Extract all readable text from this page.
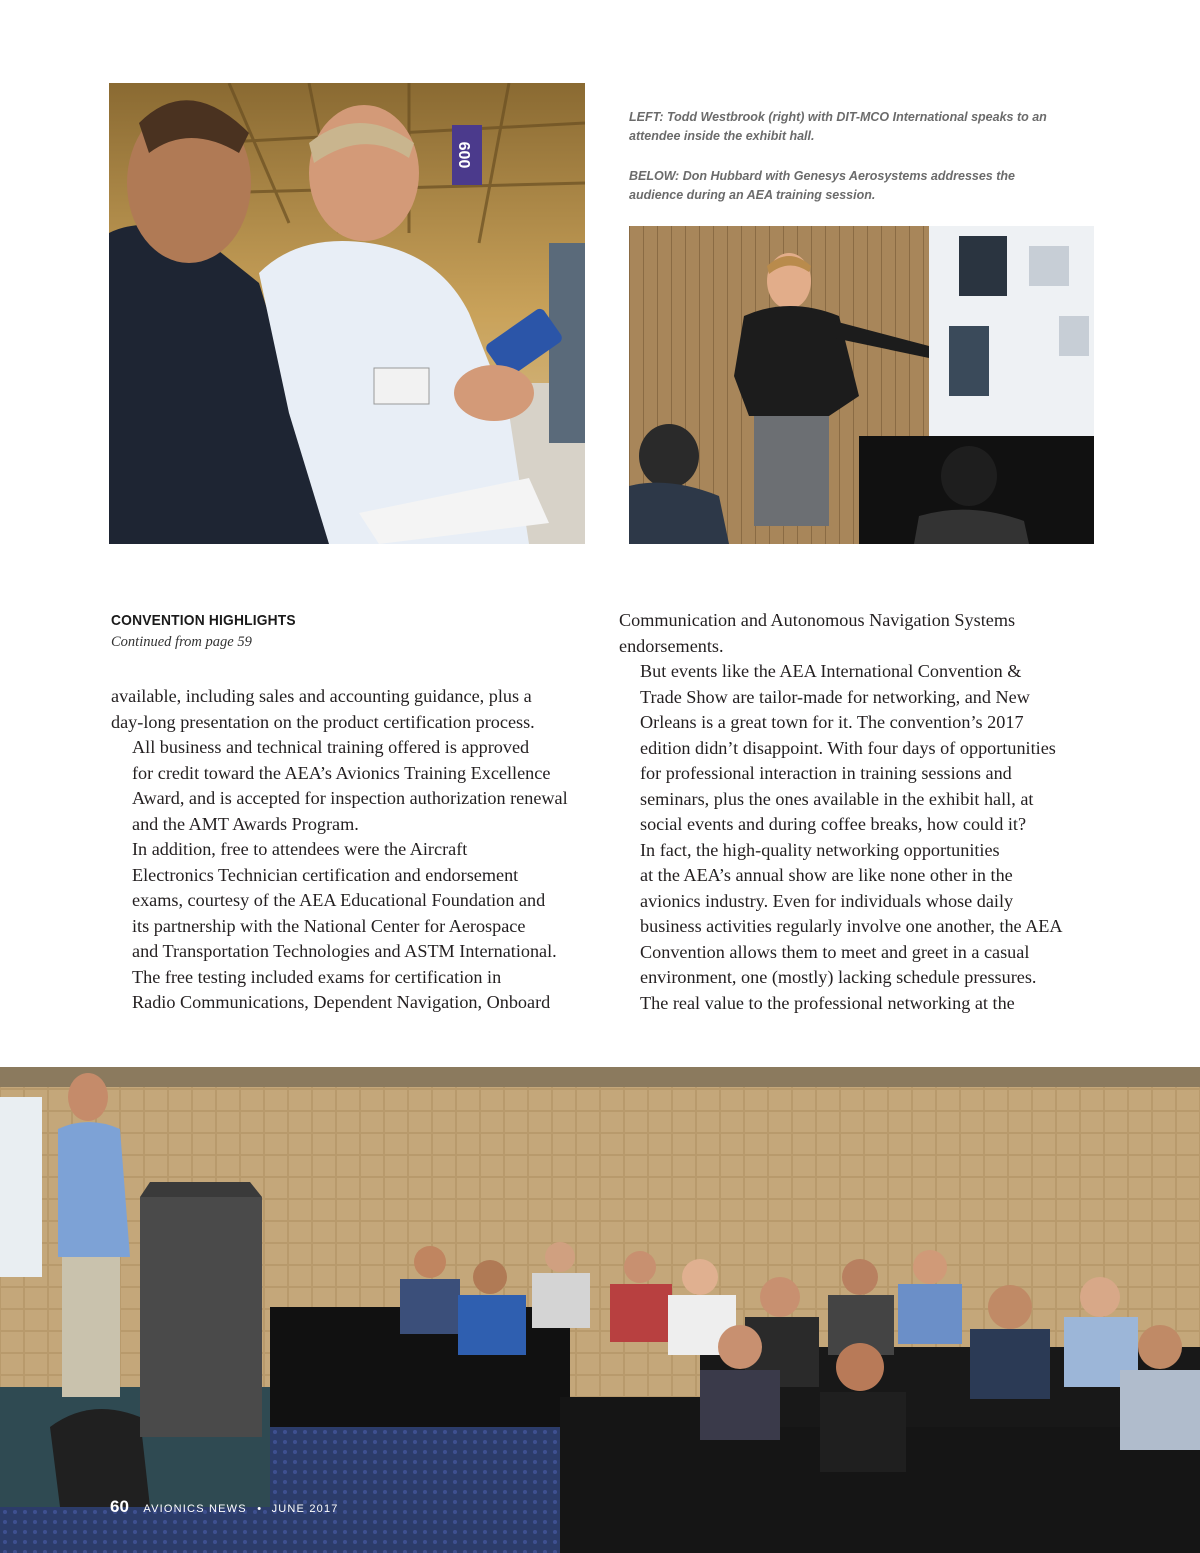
600
LEFT: Todd Westbrook (right) with DIT-MCO International speaks to an attendee inside the exhibit hall.
BELOW: Don Hubbard with Genesys Aerosystems addresses the audience during an AEA training session.
CONVENTION HIGHLIGHTS
Continued from page 59

available, including sales and accounting guidance, plus a
day-long presentation on the product certification process.

All business and technical training offered is approved
for credit toward the AEA’s Avionics Training Excellence
Award, and is accepted for inspection authorization renewal
and the AMT Awards Program.

In addition, free to attendees were the Aircraft
Electronics Technician certification and endorsement
exams, courtesy of the AEA Educational Foundation and
its partnership with the National Center for Aerospace
and Transportation Technologies and ASTM International.
The free testing included exams for certification in
Radio Communications, Dependent Navigation, Onboard

Communication and Autonomous Navigation Systems
endorsements.

But events like the AEA International Convention &
Trade Show are tailor-made for networking, and New
Orleans is a great town for it. The convention’s 2017
edition didn’t disappoint. With four days of opportunities
for professional interaction in training sessions and
seminars, plus the ones available in the exhibit hall, at
social events and during coffee breaks, how could it?

In fact, the high-quality networking opportunities
at the AEA’s annual show are like none other in the
avionics industry. Even for individuals whose daily
business activities regularly involve one another, the AEA
Convention allows them to meet and greet in a casual
environment, one (mostly) lacking schedule pressures.

The real value to the professional networking at the

60 AVIONICS NEWS • JUNE 2017
